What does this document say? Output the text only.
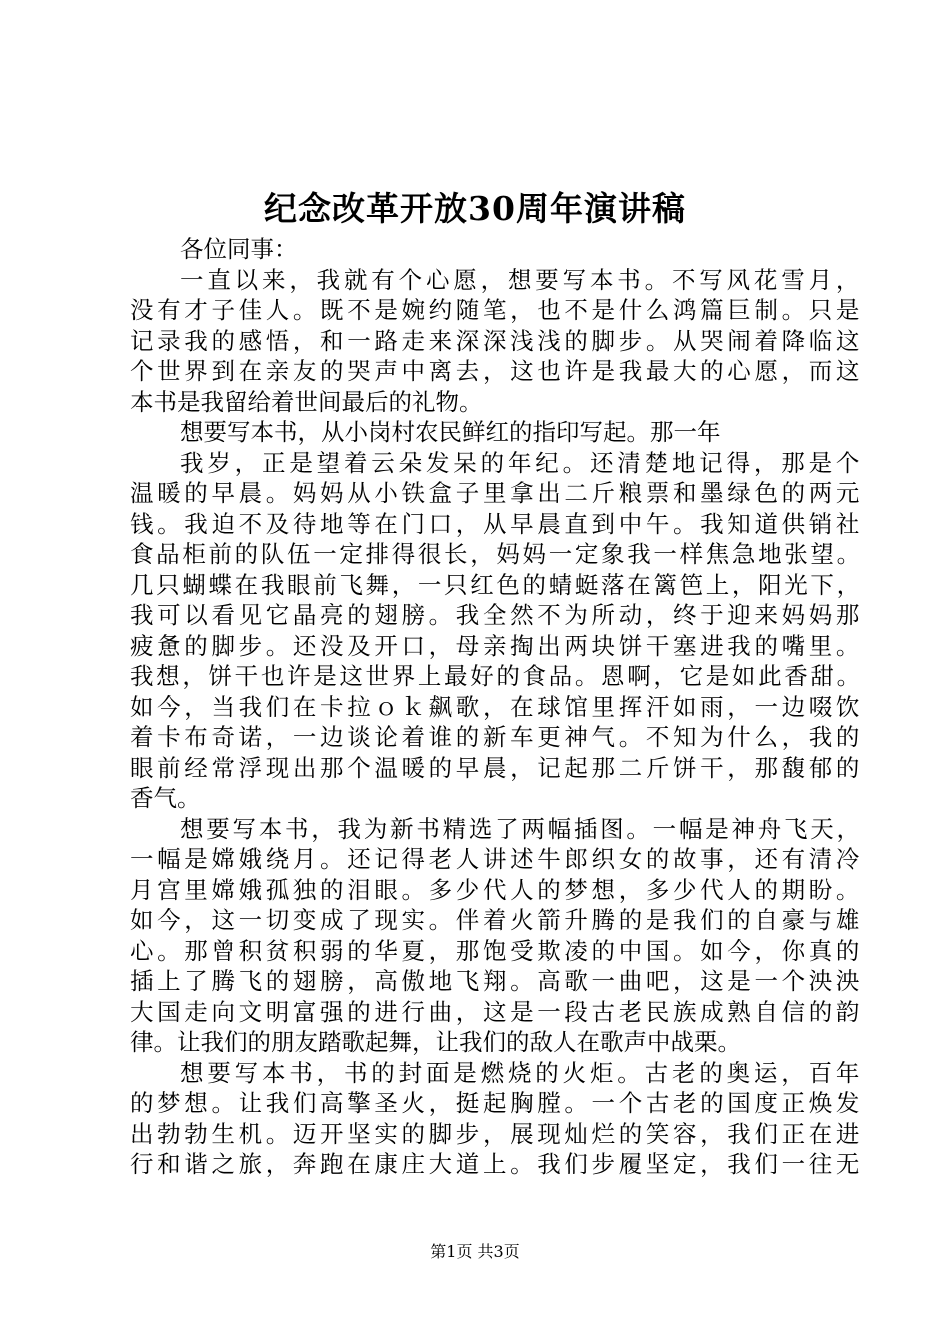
纪念改革开放30周年演讲稿
各位同事：
一直以来，我就有个心愿，想要写本书。不写风花雪月，
没有才子佳人。既不是婉约随笔，也不是什么鸿篇巨制。只是
记录我的感悟，和一路走来深深浅浅的脚步。从哭闹着降临这
个世界到在亲友的哭声中离去，这也许是我最大的心愿，而这
本书是我留给着世间最后的礼物。
想要写本书，从小岗村农民鲜红的指印写起。那一年
我岁，正是望着云朵发呆的年纪。还清楚地记得，那是个
温暖的早晨。妈妈从小铁盒子里拿出二斤粮票和墨绿色的两元
钱。我迫不及待地等在门口，从早晨直到中午。我知道供销社
食品柜前的队伍一定排得很长，妈妈一定象我一样焦急地张望。
几只蝴蝶在我眼前飞舞，一只红色的蜻蜓落在篱笆上，阳光下，
我可以看见它晶亮的翅膀。我全然不为所动，终于迎来妈妈那
疲惫的脚步。还没及开口，母亲掏出两块饼干塞进我的嘴里。
我想，饼干也许是这世界上最好的食品。恩啊，它是如此香甜。
如今，当我们在卡拉ｏｋ飙歌，在球馆里挥汗如雨，一边啜饮
着卡布奇诺，一边谈论着谁的新车更神气。不知为什么，我的
眼前经常浮现出那个温暖的早晨，记起那二斤饼干，那馥郁的
香气。
想要写本书，我为新书精选了两幅插图。一幅是神舟飞天，
一幅是嫦娥绕月。还记得老人讲述牛郎织女的故事，还有清冷
月宫里嫦娥孤独的泪眼。多少代人的梦想，多少代人的期盼。
如今，这一切变成了现实。伴着火箭升腾的是我们的自豪与雄
心。那曾积贫积弱的华夏，那饱受欺凌的中国。如今，你真的
插上了腾飞的翅膀，高傲地飞翔。高歌一曲吧，这是一个泱泱
大国走向文明富强的进行曲，这是一段古老民族成熟自信的韵
律。让我们的朋友踏歌起舞，让我们的敌人在歌声中战栗。
想要写本书，书的封面是燃烧的火炬。古老的奥运，百年
的梦想。让我们高擎圣火，挺起胸膛。一个古老的国度正焕发
出勃勃生机。迈开坚实的脚步，展现灿烂的笑容，我们正在进
行和谐之旅，奔跑在康庄大道上。我们步履坚定，我们一往无
第1页 共3页
